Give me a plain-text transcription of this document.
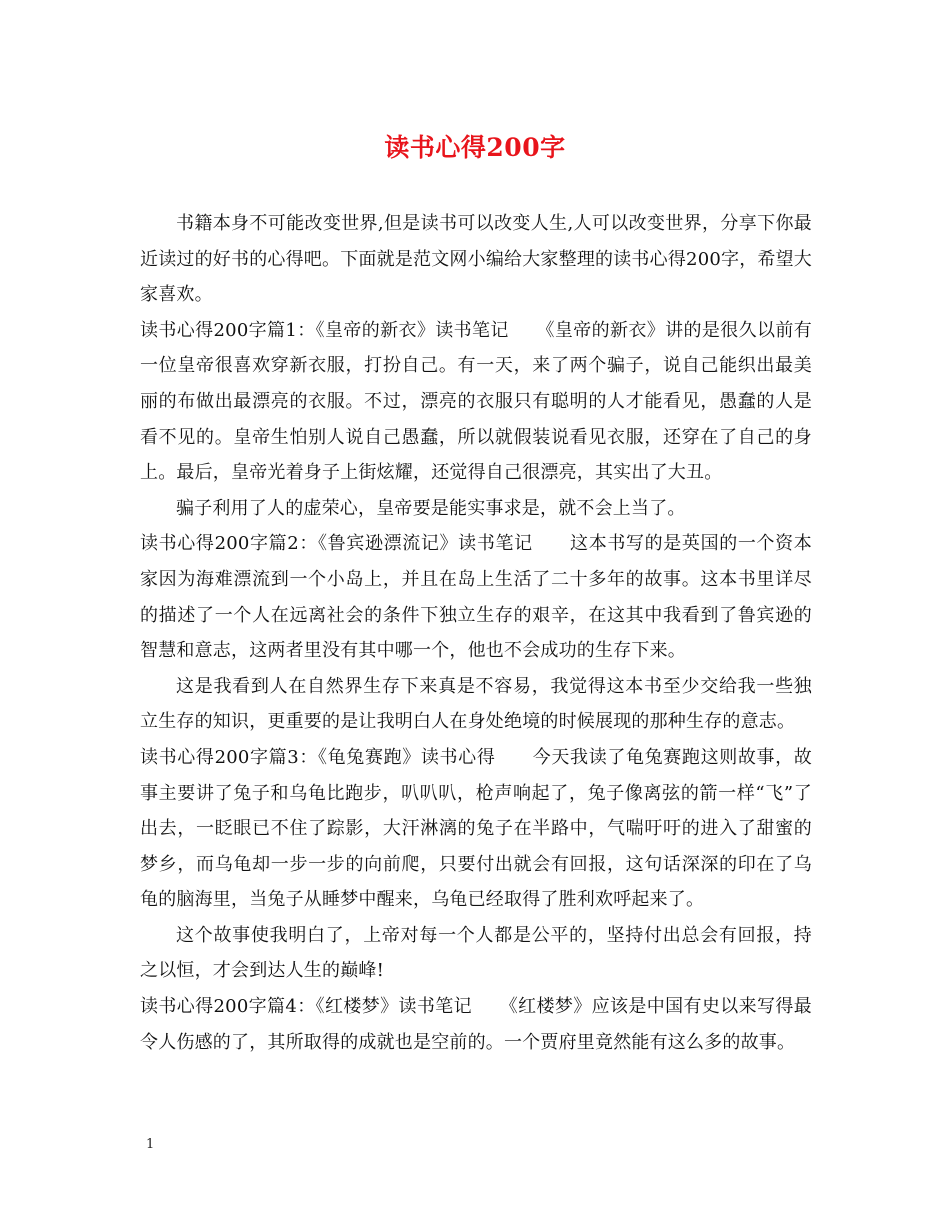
读书心得200字

书籍本身不可能改变世界,但是读书可以改变人生,人可以改变世界，分享下你最近读过的好书的心得吧。下面就是范文网小编给大家整理的读书心得200字，希望大家喜欢。

读书心得200字篇1：《皇帝的新衣》读书笔记　　《皇帝的新衣》讲的是很久以前有一位皇帝很喜欢穿新衣服，打扮自己。有一天，来了两个骗子，说自己能织出最美丽的布做出最漂亮的衣服。不过，漂亮的衣服只有聪明的人才能看见，愚蠢的人是看不见的。皇帝生怕别人说自己愚蠢，所以就假装说看见衣服，还穿在了自己的身上。最后，皇帝光着身子上街炫耀，还觉得自己很漂亮，其实出了大丑。

骗子利用了人的虚荣心，皇帝要是能实事求是，就不会上当了。

读书心得200字篇2：《鲁宾逊漂流记》读书笔记　　这本书写的是英国的一个资本家因为海难漂流到一个小岛上，并且在岛上生活了二十多年的故事。这本书里详尽的描述了一个人在远离社会的条件下独立生存的艰辛，在这其中我看到了鲁宾逊的智慧和意志，这两者里没有其中哪一个，他也不会成功的生存下来。

这是我看到人在自然界生存下来真是不容易，我觉得这本书至少交给我一些独立生存的知识，更重要的是让我明白人在身处绝境的时候展现的那种生存的意志。

读书心得200字篇3：《龟兔赛跑》读书心得　　今天我读了龟兔赛跑这则故事，故事主要讲了兔子和乌龟比跑步，叭叭叭，枪声响起了，兔子像离弦的箭一样“飞”了出去，一眨眼已不住了踪影，大汗淋漓的兔子在半路中，气喘吁吁的进入了甜蜜的梦乡，而乌龟却一步一步的向前爬，只要付出就会有回报，这句话深深的印在了乌龟的脑海里，当兔子从睡梦中醒来，乌龟已经取得了胜利欢呼起来了。

这个故事使我明白了，上帝对每一个人都是公平的，坚持付出总会有回报，持之以恒，才会到达人生的巅峰!

读书心得200字篇4：《红楼梦》读书笔记　　《红楼梦》应该是中国有史以来写得最令人伤感的了，其所取得的成就也是空前的。一个贾府里竟然能有这么多的故事。

1
